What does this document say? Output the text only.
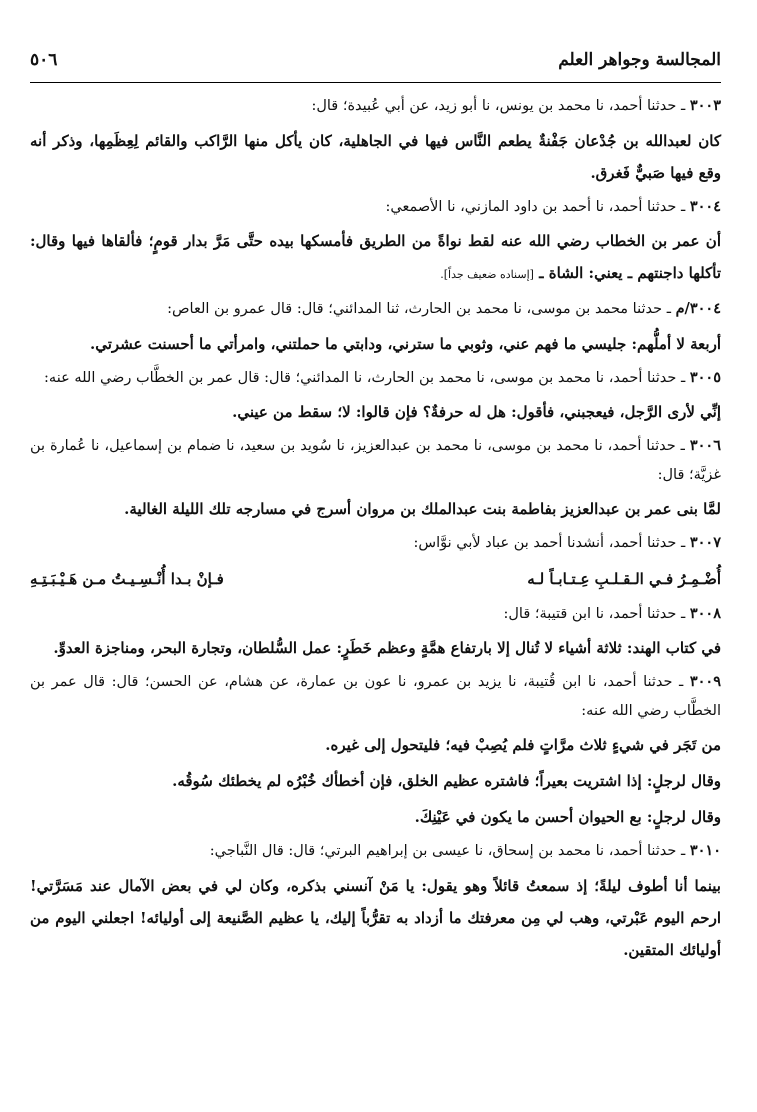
المجالسة وجواهر العلم
٥٠٦

٣٠٠٣ ـ حدثنا أحمد، نا محمد بن يونس، نا أبو زيد، عن أبي عُبيدة؛ قال:

كان لعبدالله بن جُدْعان جَفْنةٌ يطعم النَّاس فيها في الجاهلية، كان يأكل منها الرَّاكب والقائم لِعِظَمِها، وذكر أنه وقع فيها صَبيٌّ فَغرق.

٣٠٠٤ ـ حدثنا أحمد، نا أحمد بن داود المازني، نا الأصمعي:

أن عمر بن الخطاب رضي الله عنه لقط نواةً من الطريق فأمسكها بيده حتَّى مَرَّ بدار قومٍ؛ فألقاها فيها وقال: تأكلها داجنتهم ـ يعني: الشاة ـ [إسناده ضعيف جداً].

٣٠٠٤/م ـ حدثنا محمد بن موسى، نا محمد بن الحارث، ثنا المدائني؛ قال: قال عمرو بن العاص:

أربعة لا أملُّهم: جليسي ما فهم عني، وثوبي ما سترني، ودابتي ما حملتني، وامرأتي ما أحسنت عشرتي.

٣٠٠٥ ـ حدثنا أحمد، نا محمد بن موسى، نا محمد بن الحارث، نا المدائني؛ قال: قال عمر بن الخطَّاب رضي الله عنه:

إنِّي لأرى الرَّجل، فيعجبني، فأقول: هل له حرفةٌ؟ فإن قالوا: لا؛ سقط من عيني.

٣٠٠٦ ـ حدثنا أحمد، نا محمد بن موسى، نا محمد بن عبدالعزيز، نا سُويد بن سعيد، نا ضمام بن إسماعيل، نا عُمارة بن غزيَّة؛ قال:

لمَّا بنى عمر بن عبدالعزيز بفاطمة بنت عبدالملك بن مروان أسرج في مسارجه تلك الليلة الغالية.

٣٠٠٧ ـ حدثنا أحمد، أنشدنا أحمد بن عباد لأبي نوَّاس:

أُضْـمِـرُ فـي الـقـلـبِ عِـتـابـاً لـه
فـإنْ بـدا أُنْـسِـيـتُ مـن هَـيْـبَـتِـهِ

٣٠٠٨ ـ حدثنا أحمد، نا ابن قتيبة؛ قال:

في كتاب الهند: ثلاثة أشياء لا تُنال إلا بارتفاع همَّةٍ وعظم خَطَرٍ: عمل السُّلطان، وتجارة البحر، ومناجزة العدوِّ.

٣٠٠٩ ـ حدثنا أحمد، نا ابن قُتيبة، نا يزيد بن عمرو، نا عون بن عمارة، عن هشام، عن الحسن؛ قال: قال عمر بن الخطَّاب رضي الله عنه:

من تَجَر في شيءٍ ثلاث مرَّاتٍ فلم يُصِبْ فيه؛ فليتحول إلى غيره.

وقال لرجلٍ: إذا اشتريت بعيراً؛ فاشتره عظيم الخلق، فإن أخطأك خُبْرُه لم يخطئك سُوقُه.

وقال لرجلٍ: بع الحيوان أحسن ما يكون في عَيْنِكَ.

٣٠١٠ ـ حدثنا أحمد، نا محمد بن إسحاق، نا عيسى بن إبراهيم البرتي؛ قال: قال النَّباجي:

بينما أنا أطوف ليلةً؛ إذ سمعتُ قائلاً وهو يقول: يا مَنْ آنسني بذكره، وكان لي في بعض الآمال عند مَسَرَّتي! ارحم اليوم عَبْرتي، وهب لي مِن معرفتك ما أزداد به تقرُّباً إليك، يا عظيم الصَّنيعة إلى أوليائه! اجعلني اليوم من أوليائك المتقين.
